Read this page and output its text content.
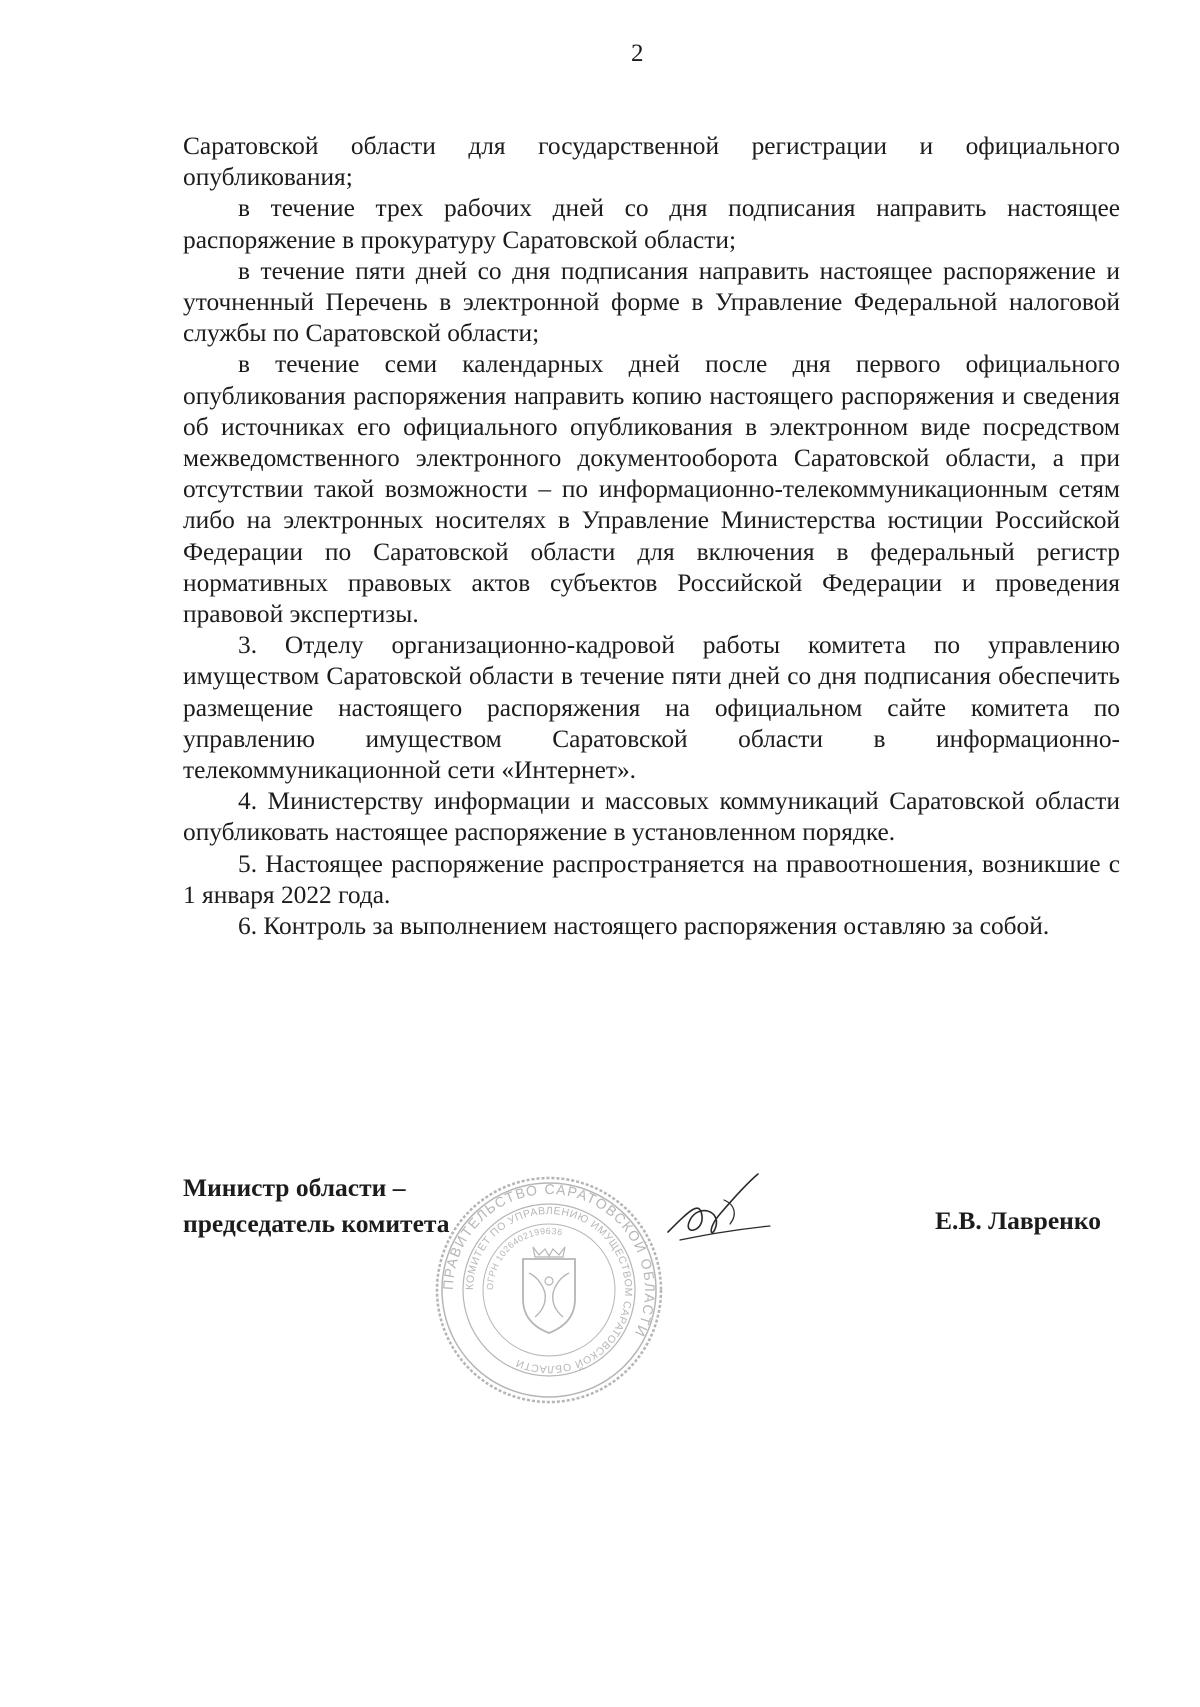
2

Саратовской области для государственной регистрации и официального опубликования;

в течение трех рабочих дней со дня подписания направить настоящее распоряжение в прокуратуру Саратовской области;

в течение пяти дней со дня подписания направить настоящее распоряжение и уточненный Перечень в электронной форме в Управление Федеральной налоговой службы по Саратовской области;

в течение семи календарных дней после дня первого официального опубликования распоряжения направить копию настоящего распоряжения и сведения об источниках его официального опубликования в электронном виде посредством межведомственного электронного документооборота Саратовской области, а при отсутствии такой возможности – по информационно-телекоммуникационным сетям либо на электронных носителях в Управление Министерства юстиции Российской Федерации по Саратовской области для включения в федеральный регистр нормативных правовых актов субъектов Российской Федерации и проведения правовой экспертизы.

3. Отделу организационно-кадровой работы комитета по управлению имуществом Саратовской области в течение пяти дней со дня подписания обеспечить размещение настоящего распоряжения на официальном сайте комитета по управлению имуществом Саратовской области в информационно-телекоммуникационной сети «Интернет».

4. Министерству информации и массовых коммуникаций Саратовской области опубликовать настоящее распоряжение в установленном порядке.

5. Настоящее распоряжение распространяется на правоотношения, возникшие с 1 января 2022 года.

6. Контроль за выполнением настоящего распоряжения оставляю за собой.

Министр области –
председатель комитета	Е.В. Лавренко
ПРАВИТЕЛЬСТВО САРАТОВСКОЙ ОБЛАСТИ
КОМИТЕТ ПО УПРАВЛЕНИЮ ИМУЩЕСТВОМ САРАТОВСКОЙ ОБЛАСТИ
ОГРН 1026402199636
